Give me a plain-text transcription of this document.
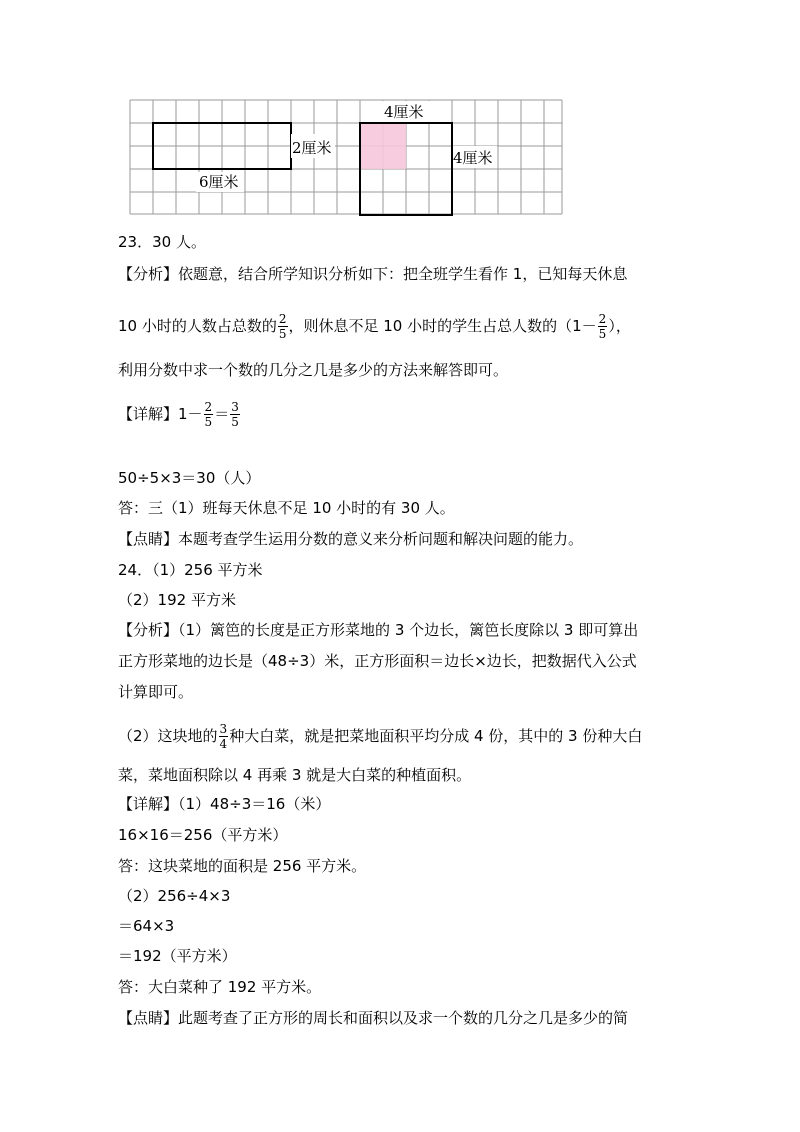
2厘米
6厘米
4厘米
4厘米
23．30 人。
【分析】依题意，结合所学知识分析如下：把全班学生看作 1，已知每天休息
10 小时的人数占总数的 $\frac{2}{5}$ ，则休息不足 10 小时的学生占总人数的（$1- \frac{2}{5}$ ），
利用分数中求一个数的几分之几是多少的方法来解答即可。
【详解】$1- \frac{2}{5} = \frac{3}{5}$
50÷5×3＝30（人）
答：三（1）班每天休息不足 10 小时的有 30 人。
【点睛】本题考查学生运用分数的意义来分析问题和解决问题的能力。
24．（1）256 平方米
（2）192 平方米
【分析】（1）篱笆的长度是正方形菜地的 3 个边长，篱笆长度除以 3 即可算出
正方形菜地的边长是（48÷3）米，正方形面积＝边长×边长，把数据代入公式
计算即可。
（2）这块地的 $\frac{3}{4}$ 种大白菜，就是把菜地面积平均分成 4 份，其中的 3 份种大白
菜，菜地面积除以 4 再乘 3 就是大白菜的种植面积。
【详解】（1）48÷3＝16（米）
16×16＝256（平方米）
答：这块菜地的面积是 256 平方米。
（2）256÷4×3
＝64×3
＝192（平方米）
答：大白菜种了 192 平方米。
【点睛】此题考查了正方形的周长和面积以及求一个数的几分之几是多少的简
